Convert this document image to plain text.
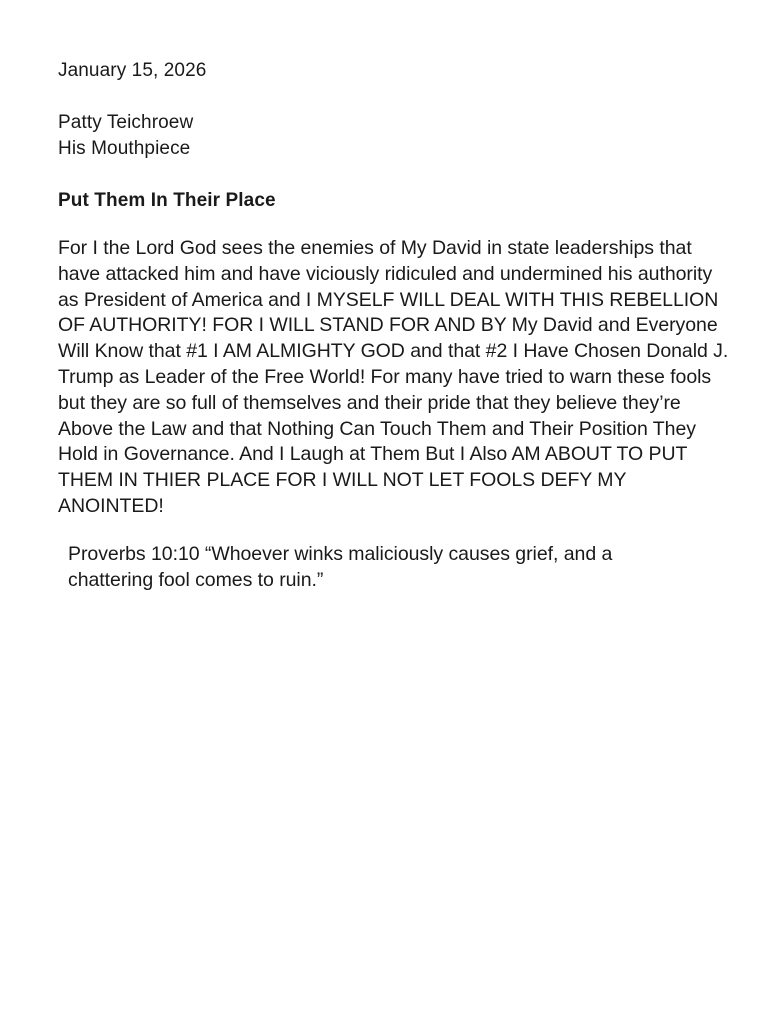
January 15, 2026

Patty Teichroew
His Mouthpiece
Put Them In Their Place

For I the Lord God sees the enemies of My David in state leaderships that have attacked him and have viciously ridiculed and undermined his authority as President of America and I MYSELF WILL DEAL WITH THIS REBELLION OF AUTHORITY! FOR I WILL STAND FOR AND BY My David and Everyone Will Know that #1 I AM ALMIGHTY GOD and that #2 I Have Chosen Donald J. Trump as Leader of the Free World! For many have tried to warn these fools but they are so full of themselves and their pride that they believe they’re Above the Law and that Nothing Can Touch Them and Their Position They Hold in Governance. And I Laugh at Them But I Also AM ABOUT TO PUT THEM IN THIER PLACE FOR I WILL NOT LET FOOLS DEFY MY ANOINTED!

Proverbs 10:10 “Whoever winks maliciously causes grief, and a chattering fool comes to ruin.”
